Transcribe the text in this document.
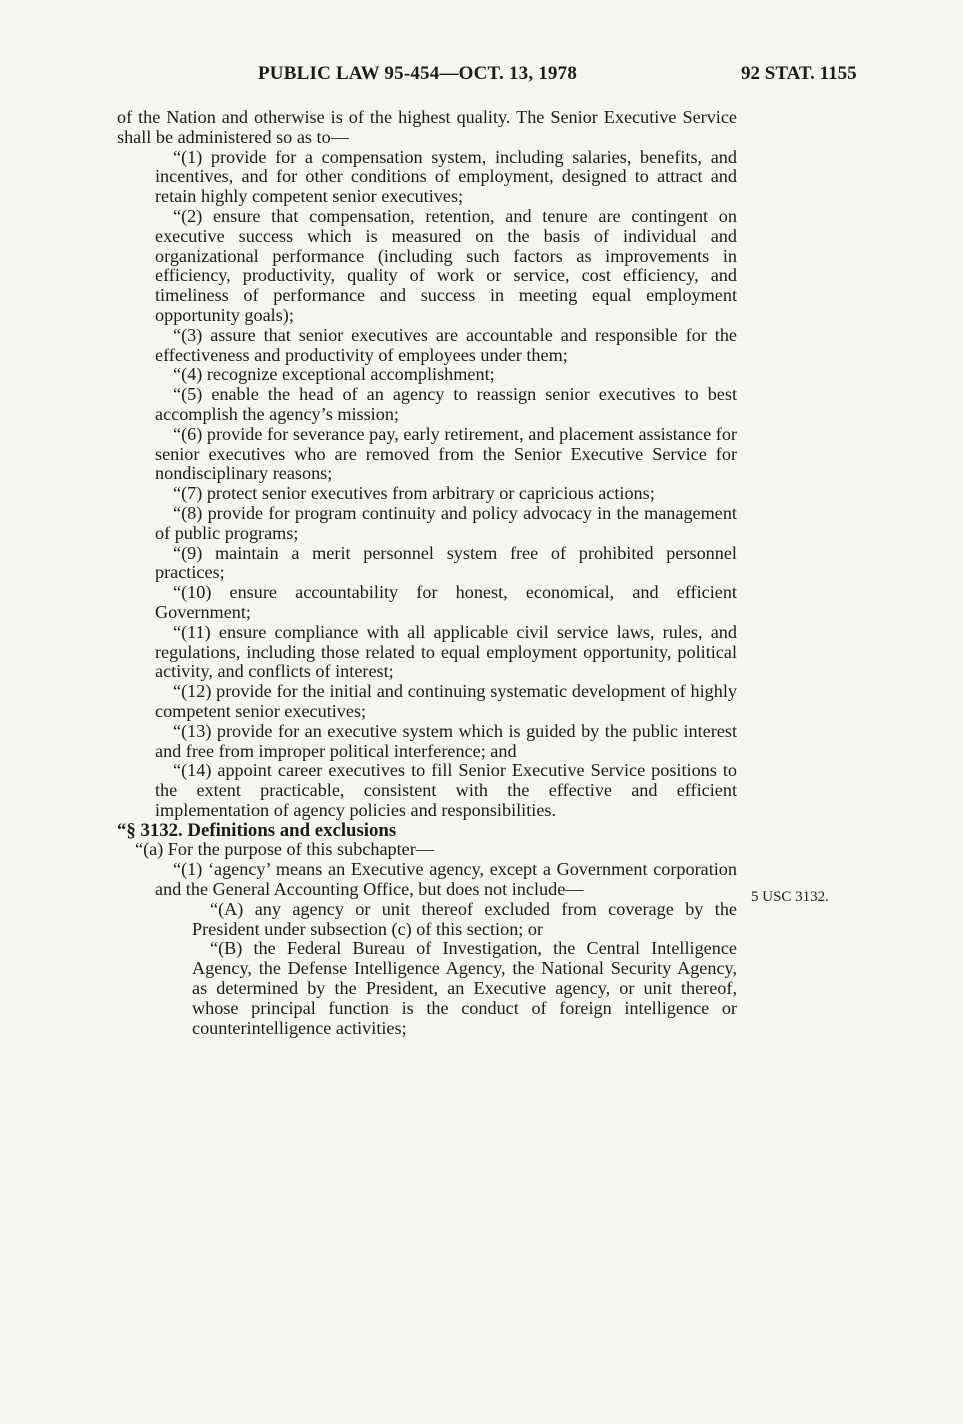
PUBLIC LAW 95-454—OCT. 13, 1978	92 STAT. 1155

of the Nation and otherwise is of the highest quality. The Senior Executive Service shall be administered so as to—

“(1) provide for a compensation system, including salaries, benefits, and incentives, and for other conditions of employment, designed to attract and retain highly competent senior executives;

“(2) ensure that compensation, retention, and tenure are contingent on executive success which is measured on the basis of individual and organizational performance (including such factors as improvements in efficiency, productivity, quality of work or service, cost efficiency, and timeliness of performance and success in meeting equal employment opportunity goals);

“(3) assure that senior executives are accountable and responsible for the effectiveness and productivity of employees under them;

“(4) recognize exceptional accomplishment;

“(5) enable the head of an agency to reassign senior executives to best accomplish the agency’s mission;

“(6) provide for severance pay, early retirement, and placement assistance for senior executives who are removed from the Senior Executive Service for nondisciplinary reasons;

“(7) protect senior executives from arbitrary or capricious actions;

“(8) provide for program continuity and policy advocacy in the management of public programs;

“(9) maintain a merit personnel system free of prohibited personnel practices;

“(10) ensure accountability for honest, economical, and efficient Government;

“(11) ensure compliance with all applicable civil service laws, rules, and regulations, including those related to equal employment opportunity, political activity, and conflicts of interest;

“(12) provide for the initial and continuing systematic development of highly competent senior executives;

“(13) provide for an executive system which is guided by the public interest and free from improper political interference; and

“(14) appoint career executives to fill Senior Executive Service positions to the extent practicable, consistent with the effective and efficient implementation of agency policies and responsibilities.

“§ 3132. Definitions and exclusions

“(a) For the purpose of this subchapter—

“(1) ‘agency’ means an Executive agency, except a Government corporation and the General Accounting Office, but does not include—

“(A) any agency or unit thereof excluded from coverage by the President under subsection (c) of this section; or

“(B) the Federal Bureau of Investigation, the Central Intelligence Agency, the Defense Intelligence Agency, the National Security Agency, as determined by the President, an Executive agency, or unit thereof, whose principal function is the conduct of foreign intelligence or counterintelligence activities;

5 USC 3132.
